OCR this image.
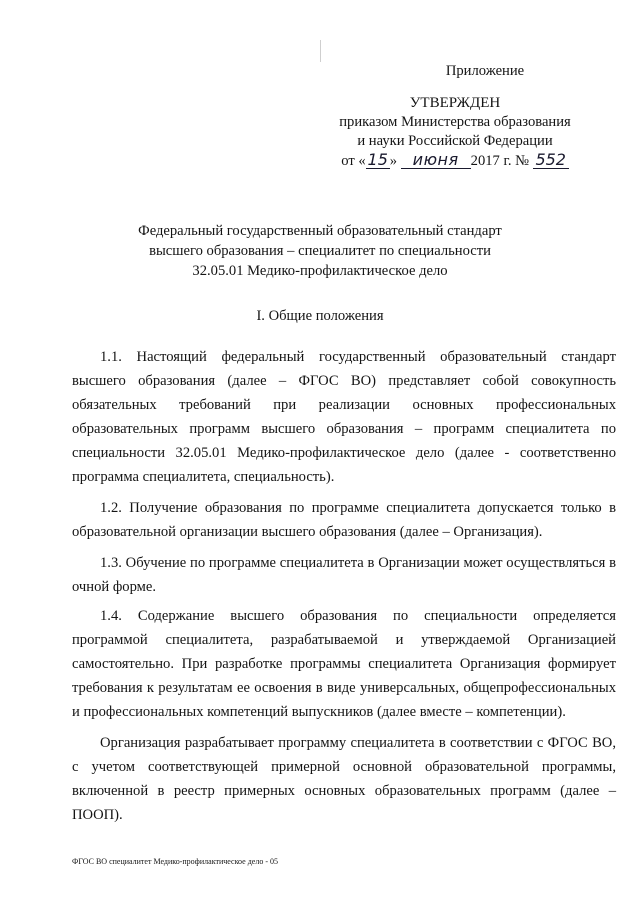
Приложение
УТВЕРЖДЕН
приказом Министерства образования
и науки Российской Федерации
от « 15 » июня 2017 г. № 552
Федеральный государственный образовательный стандарт
высшего образования – специалитет по специальности
32.05.01 Медико-профилактическое дело
I. Общие положения

1.1. Настоящий федеральный государственный образовательный стандарт высшего образования (далее – ФГОС ВО) представляет собой совокупность обязательных требований при реализации основных профессиональных образовательных программ высшего образования – программ специалитета по специальности 32.05.01 Медико-профилактическое дело (далее - соответственно программа специалитета, специальность).

1.2. Получение образования по программе специалитета допускается только в образовательной организации высшего образования (далее – Организация).

1.3. Обучение по программе специалитета в Организации может осуществляться в очной форме.

1.4. Содержание высшего образования по специальности определяется программой специалитета, разрабатываемой и утверждаемой Организацией самостоятельно. При разработке программы специалитета Организация формирует требования к результатам ее освоения в виде универсальных, общепрофессиональных и профессиональных компетенций выпускников (далее вместе – компетенции).

Организация разрабатывает программу специалитета в соответствии с ФГОС ВО, с учетом соответствующей примерной основной образовательной программы, включенной в реестр примерных основных образовательных программ (далее – ПООП).

ФГОС ВО специалитет Медико-профилактическое дело - 05
